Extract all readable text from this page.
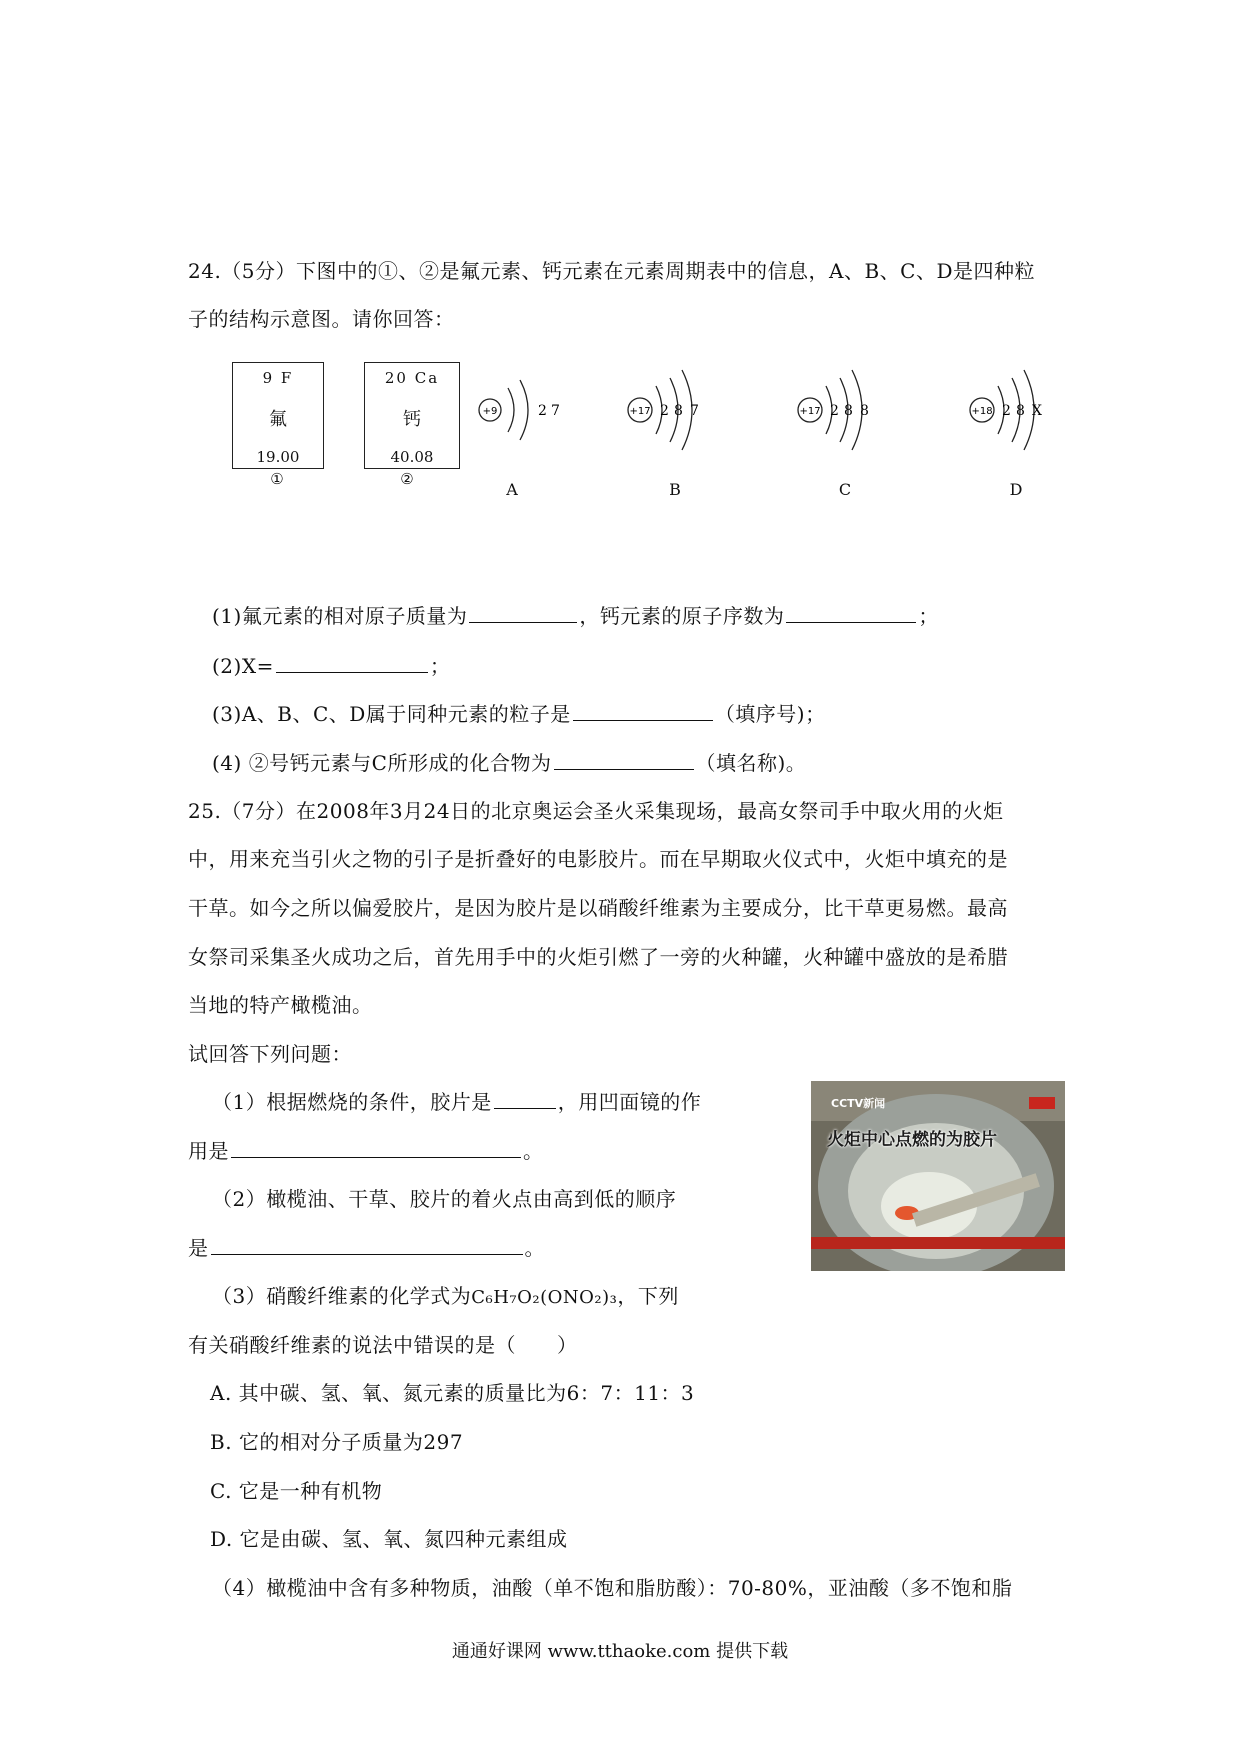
24.（5分）下图中的①、②是氟元素、钙元素在元素周期表中的信息，A、B、C、D是四种粒
子的结构示意图。请你回答：
9 F
氟
19.00
①
20 Ca
钙
40.08
②
+9	2 7	+17 2 8 7	+17 2 8 8	+18 2 8 X
A	B	C	D
(1)氟元素的相对原子质量为	，钙元素的原子序数为	；
(2)X=	；
(3)A、B、C、D属于同种元素的粒子是	（填序号)；
(4) ②号钙元素与C所形成的化合物为	（填名称)。
25.（7分）在2008年3月24日的北京奥运会圣火采集现场，最高女祭司手中取火用的火炬
中，用来充当引火之物的引子是折叠好的电影胶片。而在早期取火仪式中，火炬中填充的是
干草。如今之所以偏爱胶片，是因为胶片是以硝酸纤维素为主要成分，比干草更易燃。最高
女祭司采集圣火成功之后，首先用手中的火炬引燃了一旁的火种罐，火种罐中盛放的是希腊
当地的特产橄榄油。
试回答下列问题：
（1）根据燃烧的条件，胶片是	，用凹面镜的作
用是	。
（2）橄榄油、干草、胶片的着火点由高到低的顺序
是	。
（3）硝酸纤维素的化学式为C₆H₇O₂(ONO₂)₃，下列
有关硝酸纤维素的说法中错误的是（　　）
A. 其中碳、氢、氧、氮元素的质量比为6：7：11：3
B. 它的相对分子质量为297
C. 它是一种有机物
D. 它是由碳、氢、氧、氮四种元素组成
（4）橄榄油中含有多种物质，油酸（单不饱和脂肪酸）：70-80%，亚油酸（多不饱和脂
CCTV新闻
火炬中心点燃的为胶片
通通好课网 www.tthaoke.com 提供下载
